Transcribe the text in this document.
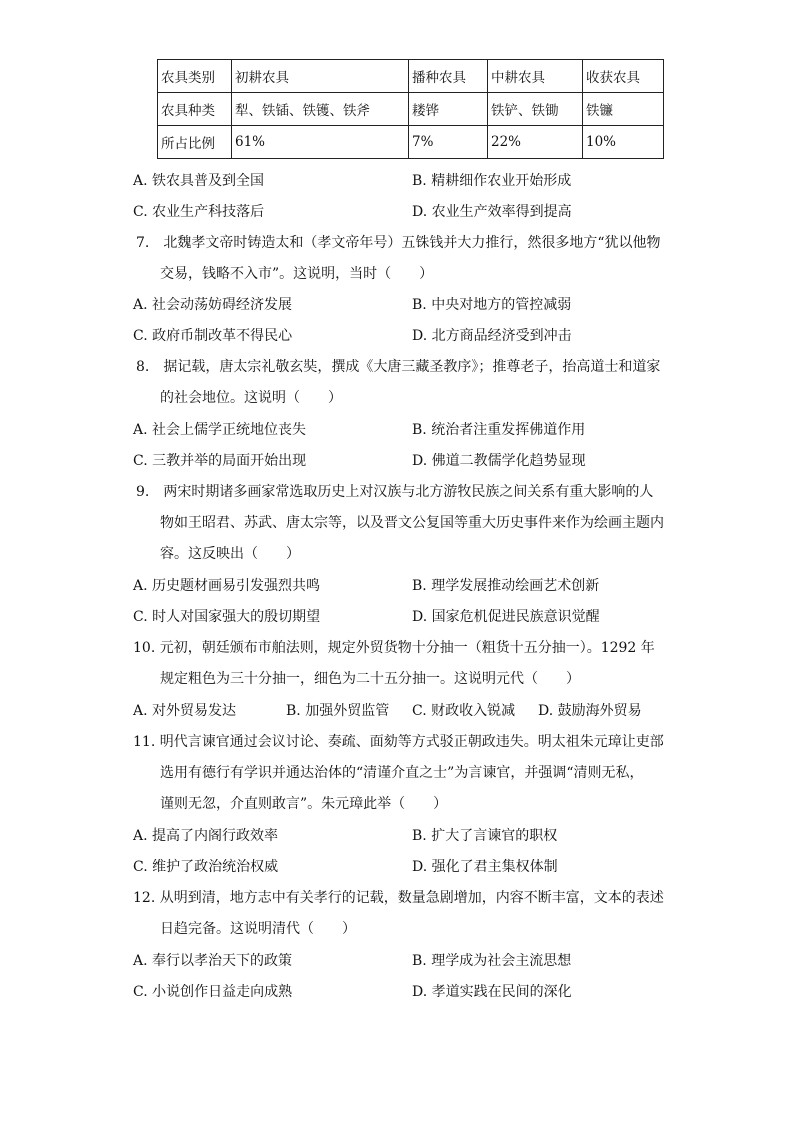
农具类别	初耕农具	播种农具	中耕农具	收获农具
农具种类	犁、铁锸、铁镬、铁斧	耧铧	铁铲、铁锄	铁镰
所占比例	61%	7%	22%	10%
A. 铁农具普及到全国	B. 精耕细作农业开始形成
C. 农业生产科技落后	D. 农业生产效率得到提高
7.　北魏孝文帝时铸造太和（孝文帝年号）五铢钱并大力推行，然很多地方“犹以他物
交易，钱略不入市”。这说明，当时（　　）
A. 社会动荡妨碍经济发展	B. 中央对地方的管控减弱
C. 政府币制改革不得民心	D. 北方商品经济受到冲击
8.　据记载，唐太宗礼敬玄奘，撰成《大唐三藏圣教序》；推尊老子，抬高道士和道家
的社会地位。这说明（　　）
A. 社会上儒学正统地位丧失	B. 统治者注重发挥佛道作用
C. 三教并举的局面开始出现	D. 佛道二教儒学化趋势显现
9.　两宋时期诸多画家常选取历史上对汉族与北方游牧民族之间关系有重大影响的人
物如王昭君、苏武、唐太宗等，以及晋文公复国等重大历史事件来作为绘画主题内
容。这反映出（　　）
A. 历史题材画易引发强烈共鸣	B. 理学发展推动绘画艺术创新
C. 时人对国家强大的殷切期望	D. 国家危机促进民族意识觉醒
10. 元初，朝廷颁布市舶法则，规定外贸货物十分抽一（粗货十五分抽一）。1292 年
规定粗色为三十分抽一，细色为二十五分抽一。这说明元代（　　）
A. 对外贸易发达	B. 加强外贸监管 C. 财政收入锐减 D. 鼓励海外贸易
11. 明代言谏官通过会议讨论、奏疏、面劾等方式驳正朝政违失。明太祖朱元璋让吏部
选用有德行有学识并通达治体的“清谨介直之士”为言谏官，并强调“清则无私，
谨则无忽，介直则敢言”。朱元璋此举（　　）
A. 提高了内阁行政效率	B. 扩大了言谏官的职权
C. 维护了政治统治权威	D. 强化了君主集权体制
12. 从明到清，地方志中有关孝行的记载，数量急剧增加，内容不断丰富，文本的表述
日趋完备。这说明清代（　　）
A. 奉行以孝治天下的政策	B. 理学成为社会主流思想
C. 小说创作日益走向成熟	D. 孝道实践在民间的深化
